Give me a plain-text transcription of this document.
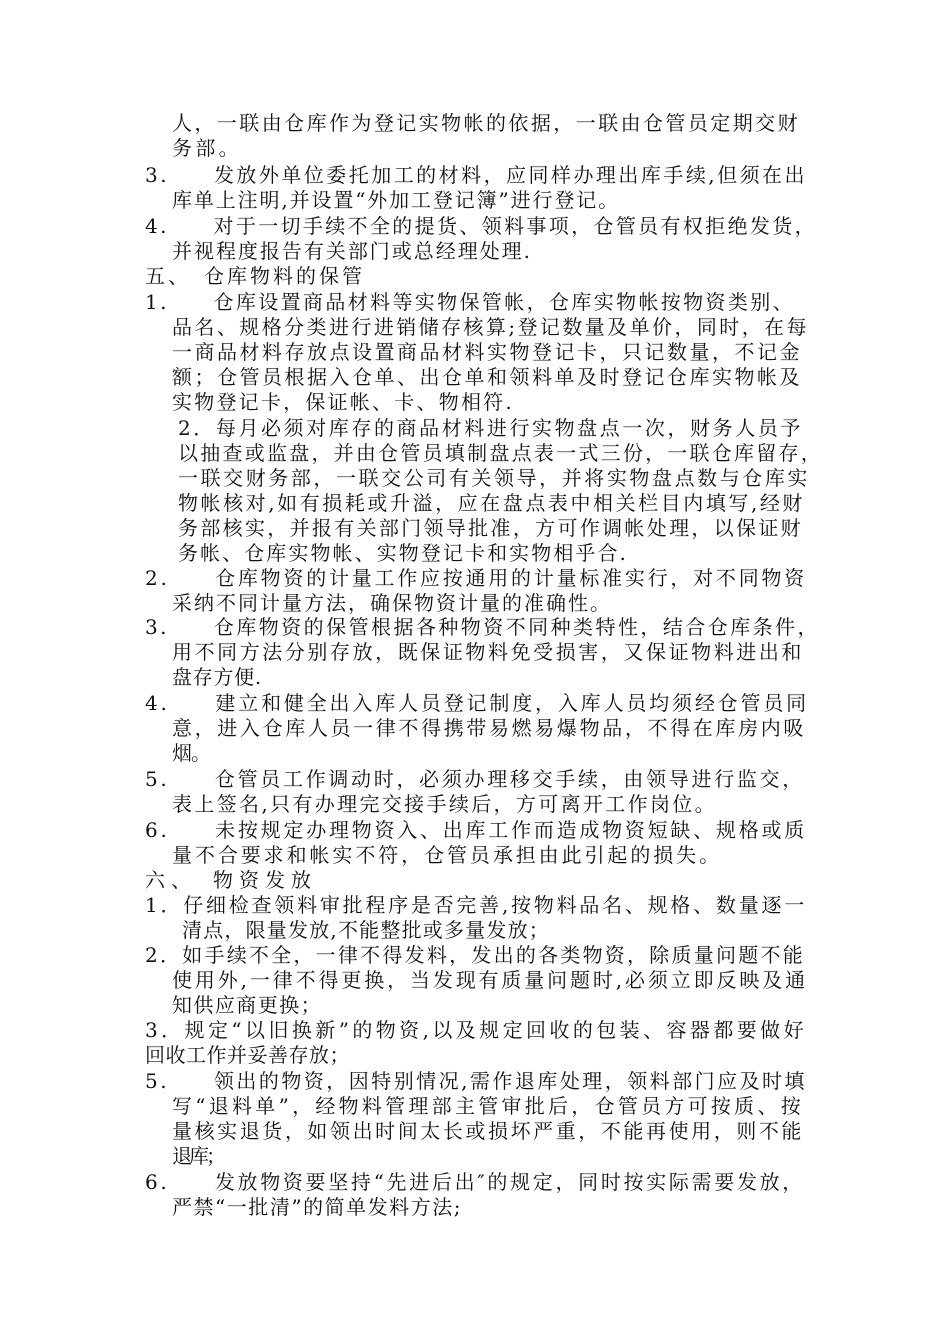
人，一联由仓库作为登记实物帐的依据，一联由仓管员定期交财
务部。
3.　　发放外单位委托加工的材料，应同样办理出库手续,但须在出
库单上注明,并设置“外加工登记簿”进行登记。
4.　　对于一切手续不全的提货、领料事项，仓管员有权拒绝发货，
并视程度报告有关部门或总经理处理.
五、　仓库物料的保管
1.　　仓库设置商品材料等实物保管帐，仓库实物帐按物资类别、
品名、规格分类进行进销储存核算;登记数量及单价，同时，在每
一商品材料存放点设置商品材料实物登记卡，只记数量，不记金
额；仓管员根据入仓单、出仓单和领料单及时登记仓库实物帐及
实物登记卡，保证帐、卡、物相符.
2．每月必须对库存的商品材料进行实物盘点一次，财务人员予
以抽查或监盘，并由仓管员填制盘点表一式三份，一联仓库留存，
一联交财务部，一联交公司有关领导，并将实物盘点数与仓库实
物帐核对,如有损耗或升溢，应在盘点表中相关栏目内填写,经财
务部核实，并报有关部门领导批准，方可作调帐处理，以保证财
务帐、仓库实物帐、实物登记卡和实物相乎合.
2.　　仓库物资的计量工作应按通用的计量标准实行，对不同物资
采纳不同计量方法，确保物资计量的准确性。
3.　　仓库物资的保管根据各种物资不同种类特性，结合仓库条件，
用不同方法分别存放，既保证物料免受损害，又保证物料进出和
盘存方便.
4.　　建立和健全出入库人员登记制度，入库人员均须经仓管员同
意，进入仓库人员一律不得携带易燃易爆物品，不得在库房内吸
烟。
5.　　仓管员工作调动时，必须办理移交手续，由领导进行监交，
表上签名,只有办理完交接手续后，方可离开工作岗位。
6.　　未按规定办理物资入、出库工作而造成物资短缺、规格或质
量不合要求和帐实不符，仓管员承担由此引起的损失。
六、　物资发放
1．仔细检查领料审批程序是否完善,按物料品名、规格、数量逐一
清点，限量发放,不能整批或多量发放；
2．如手续不全，一律不得发料，发出的各类物资，除质量问题不能
使用外,一律不得更换，当发现有质量问题时,必须立即反映及通
知供应商更换；
3．规定“以旧换新”的物资,以及规定回收的包装、容器都要做好
回收工作并妥善存放；
5.　　领出的物资，因特别情况,需作退库处理，领料部门应及时填
写“退料单”，经物料管理部主管审批后，仓管员方可按质、按
量核实退货，如领出时间太长或损坏严重，不能再使用，则不能
退库；
6.　　发放物资要坚持“先进后出″的规定，同时按实际需要发放，
严禁“一批清”的简单发料方法;
